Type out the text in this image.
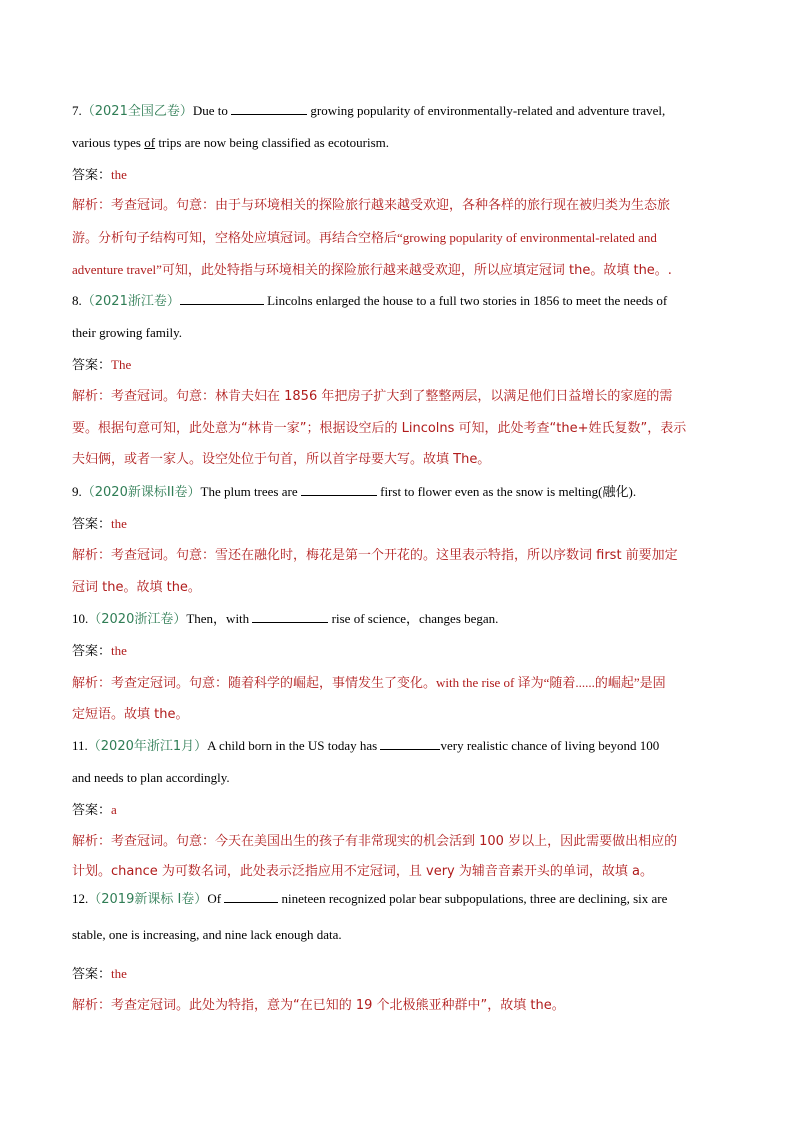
7.（2021全国乙卷）Due to	growing popularity of environmentally-related and adventure travel,
various types of trips are now being classified as ecotourism.
答案：the
解析：考查冠词。句意：由于与环境相关的探险旅行越来越受欢迎，各种各样的旅行现在被归类为生态旅
游。分析句子结构可知，空格处应填冠词。再结合空格后“growing popularity of environmental-related and
adventure travel”可知，此处特指与环境相关的探险旅行越来越受欢迎，所以应填定冠词 the。故填 the。.
8.（2021浙江卷）	Lincolns enlarged the house to a full two stories in 1856 to meet the needs of
their growing family.
答案：The
解析：考查冠词。句意：林肯夫妇在 1856 年把房子扩大到了整整两层，以满足他们日益增长的家庭的需
要。根据句意可知，此处意为“林肯一家”；根据设空后的 Lincolns 可知，此处考查“the+姓氏复数”，表示
夫妇俩，或者一家人。设空处位于句首，所以首字母要大写。故填 The。
9.（2020新课标II卷）The plum trees are	first to flower even as the snow is melting(融化).
答案：the
解析：考查冠词。句意：雪还在融化时，梅花是第一个开花的。这里表示特指，所以序数词 first 前要加定
冠词 the。故填 the。
10.（2020浙江卷）Then，with	rise of science，changes began.
答案：the
解析：考查定冠词。句意：随着科学的崛起，事情发生了变化。with the rise of 译为“随着......的崛起”是固
定短语。故填 the。
11.（2020年浙江1月）A child born in the US today has	very realistic chance of living beyond 100
and needs to plan accordingly.
答案：a
解析：考查冠词。句意：今天在美国出生的孩子有非常现实的机会活到 100 岁以上，因此需要做出相应的
计划。chance 为可数名词，此处表示泛指应用不定冠词，且 very 为辅音音素开头的单词，故填 a。
12.（2019新课标 I卷）Of	nineteen recognized polar bear subpopulations, three are declining, six are
stable, one is increasing, and nine lack enough data.
答案：the
解析：考查定冠词。此处为特指，意为“在已知的 19 个北极熊亚种群中”，故填 the。
